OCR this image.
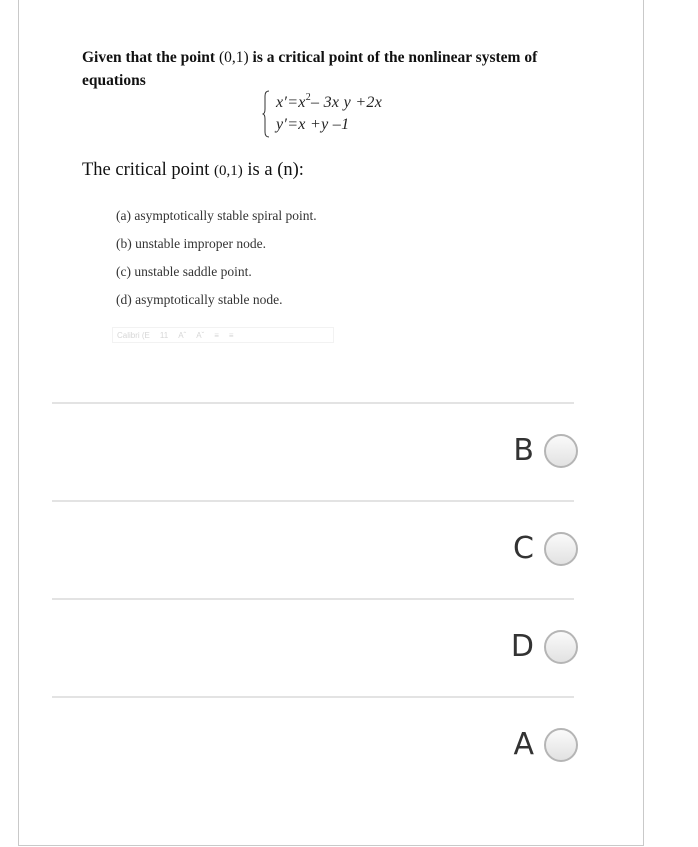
Given that the point (0,1) is a critical point of the nonlinear system of equations
$x'=x^2-$ 3x y +2x
y′=x +y –1
The critical point (0,1) is a (n):
(a) asymptotically stable spiral point.
(b) unstable improper node.
(c) unstable saddle point.
(d) asymptotically stable node.
Calibri (E 11 Aˆ Aˇ ≡ ≡
B
C
D
A
